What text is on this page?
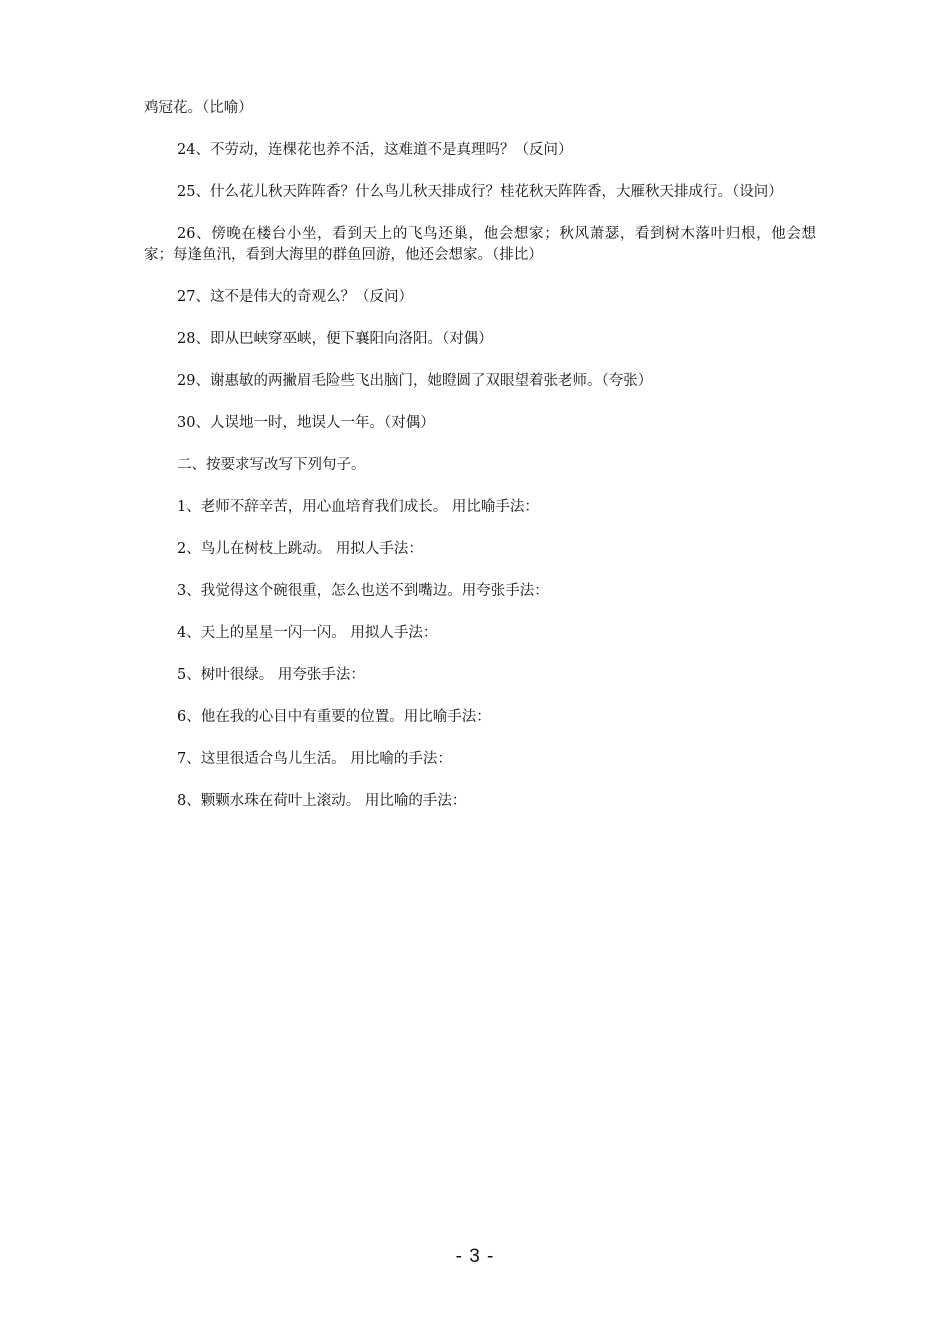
鸡冠花。（比喻）

24、不劳动，连棵花也养不活，这难道不是真理吗？（反问）

25、什么花儿秋天阵阵香？什么鸟儿秋天排成行？桂花秋天阵阵香，大雁秋天排成行。（设问）

26、傍晚在楼台小坐，看到天上的飞鸟还巢，他会想家；秋风萧瑟，看到树木落叶归根，他会想家；每逢鱼汛，看到大海里的群鱼回游，他还会想家。（排比）

27、这不是伟大的奇观么？（反问）

28、即从巴峡穿巫峡，便下襄阳向洛阳。（对偶）

29、谢惠敏的两撇眉毛险些飞出脑门，她瞪圆了双眼望着张老师。（夸张）

30、人误地一时，地误人一年。（对偶）

二、按要求写改写下列句子。

1、老师不辞辛苦，用心血培育我们成长。 用比喻手法：

2、鸟儿在树枝上跳动。 用拟人手法：

3、我觉得这个碗很重，怎么也送不到嘴边。用夸张手法：

4、天上的星星一闪一闪。 用拟人手法：

5、树叶很绿。 用夸张手法：

6、他在我的心目中有重要的位置。用比喻手法：

7、这里很适合鸟儿生活。 用比喻的手法：

8、颗颗水珠在荷叶上滚动。 用比喻的手法：

- 3 -
